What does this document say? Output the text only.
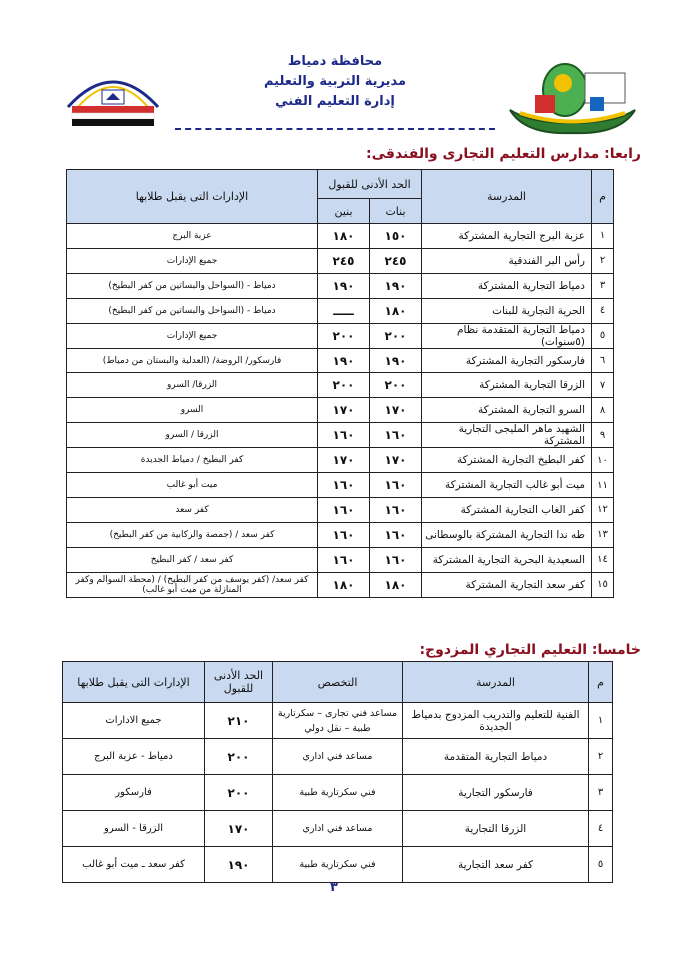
محافظة دمياط
مديرية التربية والتعليم
إدارة التعليم الفني
رابعا: مدارس التعليم التجارى والفندقى:
م	المدرسة	الحد الأدنى للقبول		الإدارات التى يقبل طلابها
		بنات	بنين	
١	عزبة البرج التجارية المشتركة	١٥٠	١٨٠	عزبة البرج
٢	رأس البر الفندقية	٢٤٥	٢٤٥	جميع الإدارات
٣	دمياط التجارية المشتركة	١٩٠	١٩٠	دمياط - (السواحل والبساتين من كفر البطيخ)
٤	الحرية التجارية للبنات	١٨٠	ـــــ	دمياط - (السواحل والبساتين من كفر البطيخ)
٥	دمياط التجارية المتقدمة نظام (٥سنوات)	٢٠٠	٢٠٠	جميع الإدارات
٦	فارسكور التجارية المشتركة	١٩٠	١٩٠	فارسكور/ الروضة/ (العدلية والبستان من دمياط)
٧	الزرقا التجارية المشتركة	٢٠٠	٢٠٠	الزرقا/ السرو
٨	السرو التجارية المشتركة	١٧٠	١٧٠	السرو
٩	الشهيد ماهر المليجى التجارية المشتركة	١٦٠	١٦٠	الزرقا / السرو
١٠	كفر البطيخ التجارية المشتركة	١٧٠	١٧٠	كفر البطيخ / دمياط الجديدة
١١	ميت أبو غالب التجارية المشتركة	١٦٠	١٦٠	ميت أبو غالب
١٢	كفر الغاب التجارية المشتركة	١٦٠	١٦٠	كفر سعد
١٣	طه ندا التجارية المشتركة بالوسطانى	١٦٠	١٦٠	كفر سعد / (جمصة والركابية من كفر البطيخ)
١٤	السعيدية البحرية التجارية المشتركة	١٦٠	١٦٠	كفر سعد / كفر البطيخ
١٥	كفر سعد التجارية المشتركة	١٨٠	١٨٠	كفر سعد/ (كفر يوسف من كفر البطيخ) / (محطة السوالم وكفر المنازلة من ميت أبو غالب)
خامسا: التعليم التجاري المزدوج:
م	المدرسة	التخصص	الحد الأدنى للقبول	الإدارات التى يقبل طلابها
١	الفنية للتعليم والتدريب المزدوج بدمياط الجديدة	مساعد فني تجارى – سكرتارية طبية – نقل دولي	٢١٠	جميع الادارات
٢	دمياط التجارية المتقدمة	مساعد فني اداري	٢٠٠	دمياط - عزبة البرج
٣	فارسكور التجارية	فني سكرتارية طبية	٢٠٠	فارسكور
٤	الزرقا التجارية	مساعد فني اداري	١٧٠	الزرقا - السرو
٥	كفر سعد التجارية	فني سكرتارية طبية	١٩٠	كفر سعد ـ ميت أبو غالب
٣
